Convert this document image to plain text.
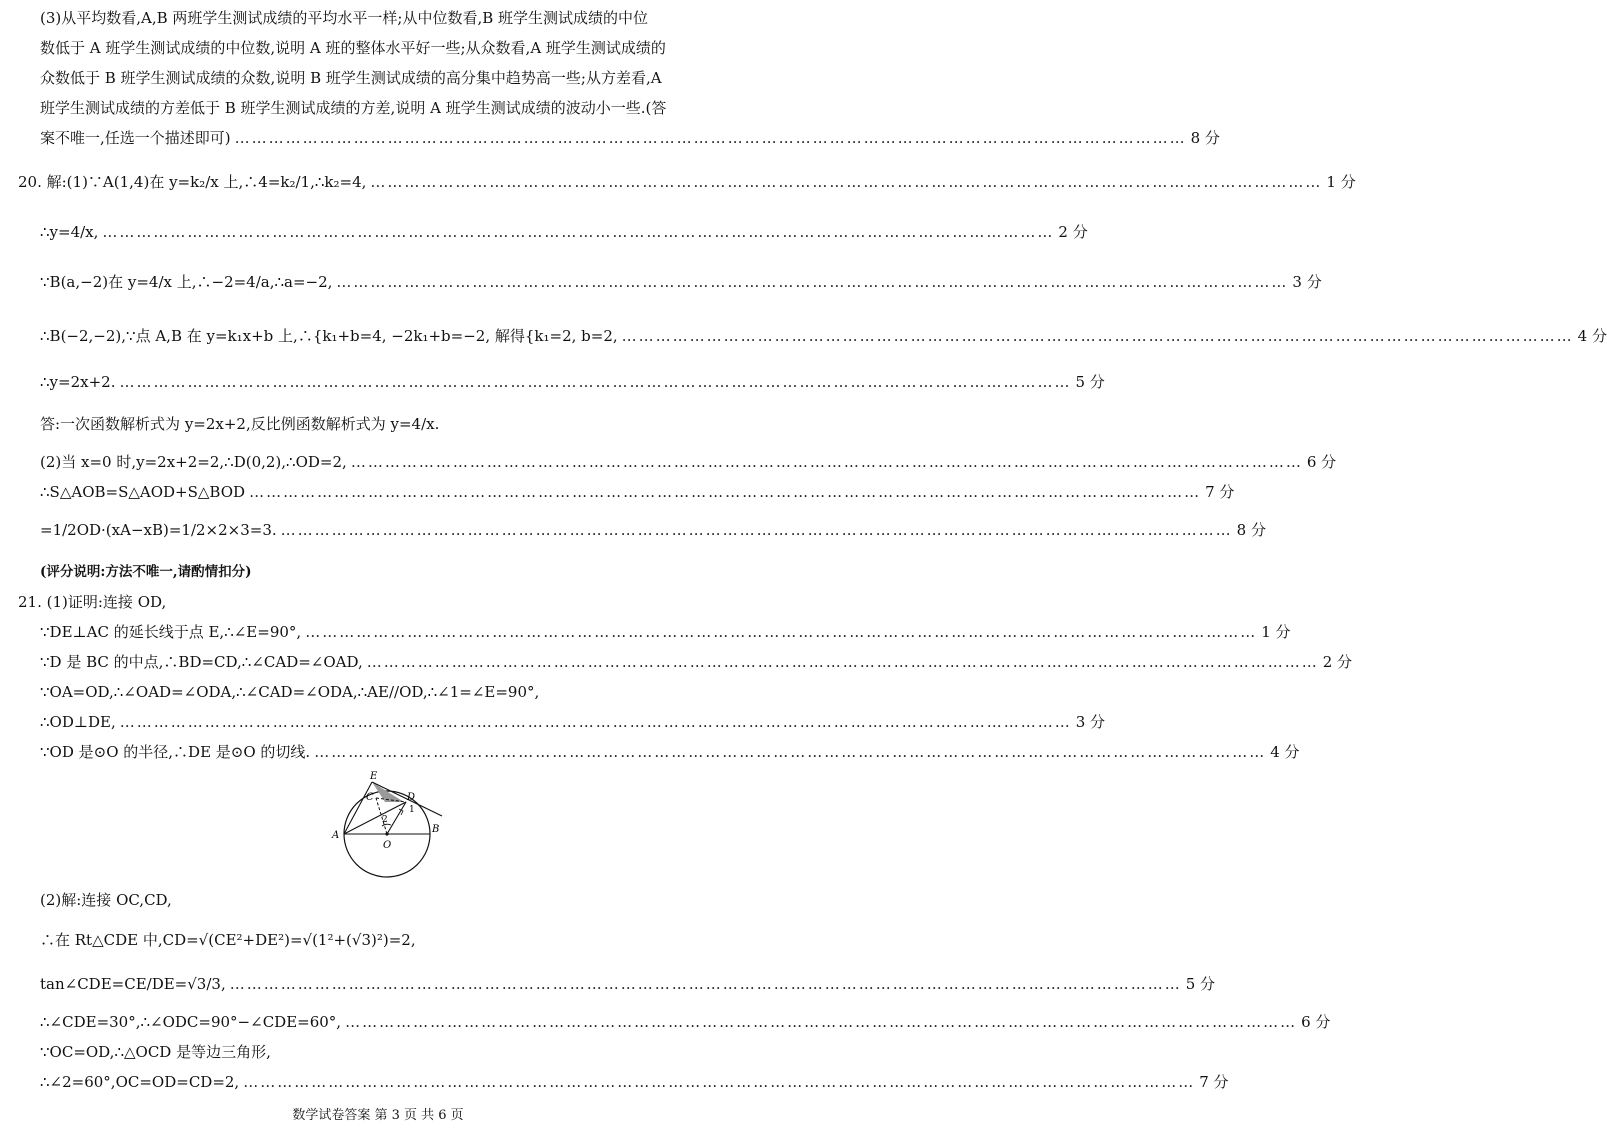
(3)从平均数看,A,B 两班学生测试成绩的平均水平一样;从中位数看,B 班学生测试成绩的中位
数低于 A 班学生测试成绩的中位数,说明 A 班的整体水平好一些;从众数看,A 班学生测试成绩的
众数低于 B 班学生测试成绩的众数,说明 B 班学生测试成绩的高分集中趋势高一些;从方差看,A
班学生测试成绩的方差低于 B 班学生测试成绩的方差,说明 A 班学生测试成绩的波动小一些.(答
案不唯一,任选一个描述即可) …………………………………………………………………………………………………………………………………………………… 8 分
20. 解:(1)∵A(1,4)在 y=k₂/x 上,∴4=k₂/1,∴k₂=4, …………………………………………………………………………………………………………………………………………………… 1 分
∴y=4/x, …………………………………………………………………………………………………………………………………………………… 2 分
∵B(a,−2)在 y=4/x 上,∴−2=4/a,∴a=−2, …………………………………………………………………………………………………………………………………………………… 3 分
∴B(−2,−2),∵点 A,B 在 y=k₁x+b 上,∴{k₁+b=4, −2k₁+b=−2, 解得{k₁=2, b=2, …………………………………………………………………………………………………………………………………………………… 4 分
∴y=2x+2. …………………………………………………………………………………………………………………………………………………… 5 分
答:一次函数解析式为 y=2x+2,反比例函数解析式为 y=4/x.
(2)当 x=0 时,y=2x+2=2,∴D(0,2),∴OD=2, …………………………………………………………………………………………………………………………………………………… 6 分
∴S△AOB=S△AOD+S△BOD …………………………………………………………………………………………………………………………………………………… 7 分
=1/2OD·(xA−xB)=1/2×2×3=3. …………………………………………………………………………………………………………………………………………………… 8 分
(评分说明:方法不唯一,请酌情扣分)
21. (1)证明:连接 OD,
∵DE⊥AC 的延长线于点 E,∴∠E=90°, …………………………………………………………………………………………………………………………………………………… 1 分
∵D 是 BC 的中点,∴BD=CD,∴∠CAD=∠OAD, …………………………………………………………………………………………………………………………………………………… 2 分
∵OA=OD,∴∠OAD=∠ODA,∴∠CAD=∠ODA,∴AE//OD,∴∠1=∠E=90°,
∴OD⊥DE, …………………………………………………………………………………………………………………………………………………… 3 分
∵OD 是⊙O 的半径,∴DE 是⊙O 的切线. …………………………………………………………………………………………………………………………………………………… 4 分
A
B
C	D
E
O
1
2
(2)解:连接 OC,CD,
∴在 Rt△CDE 中,CD=√(CE²+DE²)=√(1²+(√3)²)=2,
tan∠CDE=CE/DE=√3/3, …………………………………………………………………………………………………………………………………………………… 5 分
∴∠CDE=30°,∴∠ODC=90°−∠CDE=60°, …………………………………………………………………………………………………………………………………………………… 6 分
∵OC=OD,∴△OCD 是等边三角形,
∴∠2=60°,OC=OD=CD=2, …………………………………………………………………………………………………………………………………………………… 7 分
数学试卷答案 第 3 页 共 6 页
